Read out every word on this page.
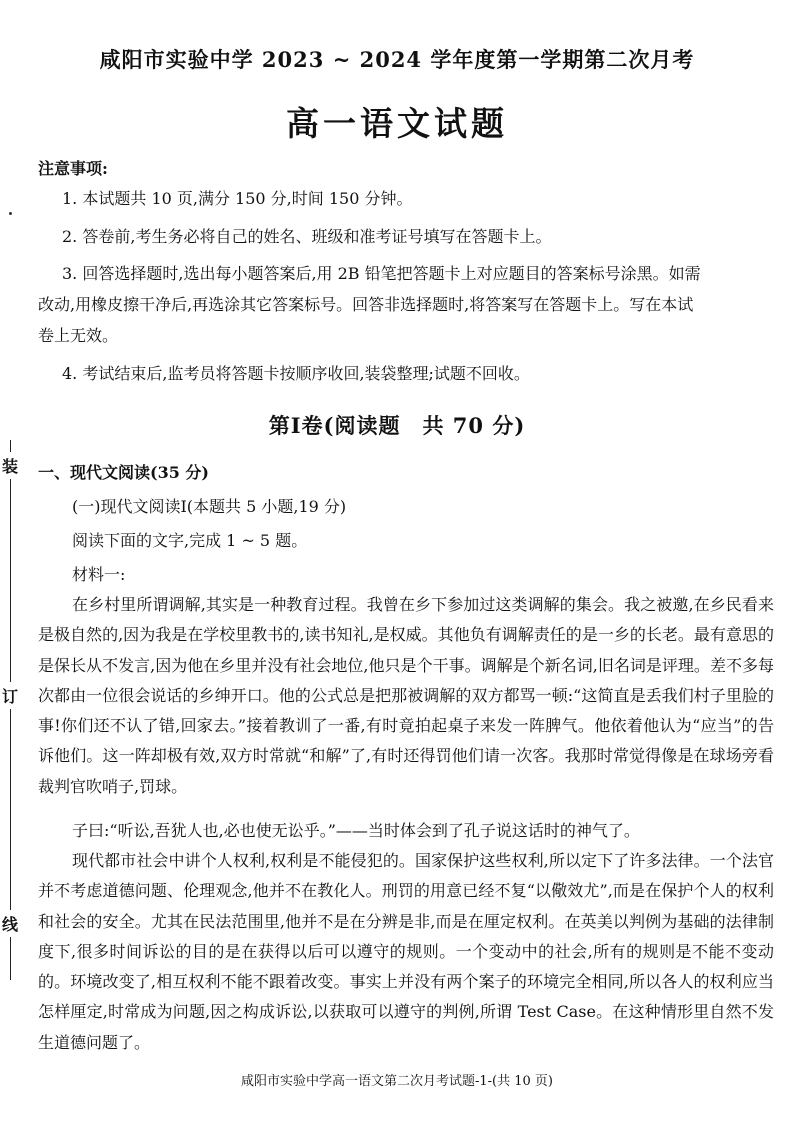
装
订
线
咸阳市实验中学 2023 ~ 2024 学年度第一学期第二次月考
高一语文试题
注意事项:
1. 本试题共 10 页,满分 150 分,时间 150 分钟。
2. 答卷前,考生务必将自己的姓名、班级和准考证号填写在答题卡上。
3. 回答选择题时,选出每小题答案后,用 2B 铅笔把答题卡上对应题目的答案标号涂黑。如需
改动,用橡皮擦干净后,再选涂其它答案标号。回答非选择题时,将答案写在答题卡上。写在本试
卷上无效。
4. 考试结束后,监考员将答题卡按顺序收回,装袋整理;试题不回收。
第Ⅰ卷(阅读题　共 70 分)
一、现代文阅读(35 分)
(一)现代文阅读Ⅰ(本题共 5 小题,19 分)
阅读下面的文字,完成 1 ~ 5 题。
材料一:
在乡村里所谓调解,其实是一种教育过程。我曾在乡下参加过这类调解的集会。我之被邀,在乡民看来是极自然的,因为我是在学校里教书的,读书知礼,是权威。其他负有调解责任的是一乡的长老。最有意思的是保长从不发言,因为他在乡里并没有社会地位,他只是个干事。调解是个新名词,旧名词是评理。差不多每次都由一位很会说话的乡绅开口。他的公式总是把那被调解的双方都骂一顿:“这简直是丢我们村子里脸的事!你们还不认了错,回家去。”接着教训了一番,有时竟拍起桌子来发一阵脾气。他依着他认为“应当”的告诉他们。这一阵却极有效,双方时常就“和解”了,有时还得罚他们请一次客。我那时常觉得像是在球场旁看裁判官吹哨子,罚球。
子曰:“听讼,吾犹人也,必也使无讼乎。”——当时体会到了孔子说这话时的神气了。
现代都市社会中讲个人权利,权利是不能侵犯的。国家保护这些权利,所以定下了许多法律。一个法官并不考虑道德问题、伦理观念,他并不在教化人。刑罚的用意已经不复“以儆效尤”,而是在保护个人的权利和社会的安全。尤其在民法范围里,他并不是在分辨是非,而是在厘定权利。在英美以判例为基础的法律制度下,很多时间诉讼的目的是在获得以后可以遵守的规则。一个变动中的社会,所有的规则是不能不变动的。环境改变了,相互权利不能不跟着改变。事实上并没有两个案子的环境完全相同,所以各人的权利应当怎样厘定,时常成为问题,因之构成诉讼,以获取可以遵守的判例,所谓 Test Case。在这种情形里自然不发生道德问题了。
咸阳市实验中学高一语文第二次月考试题-1-(共 10 页)
